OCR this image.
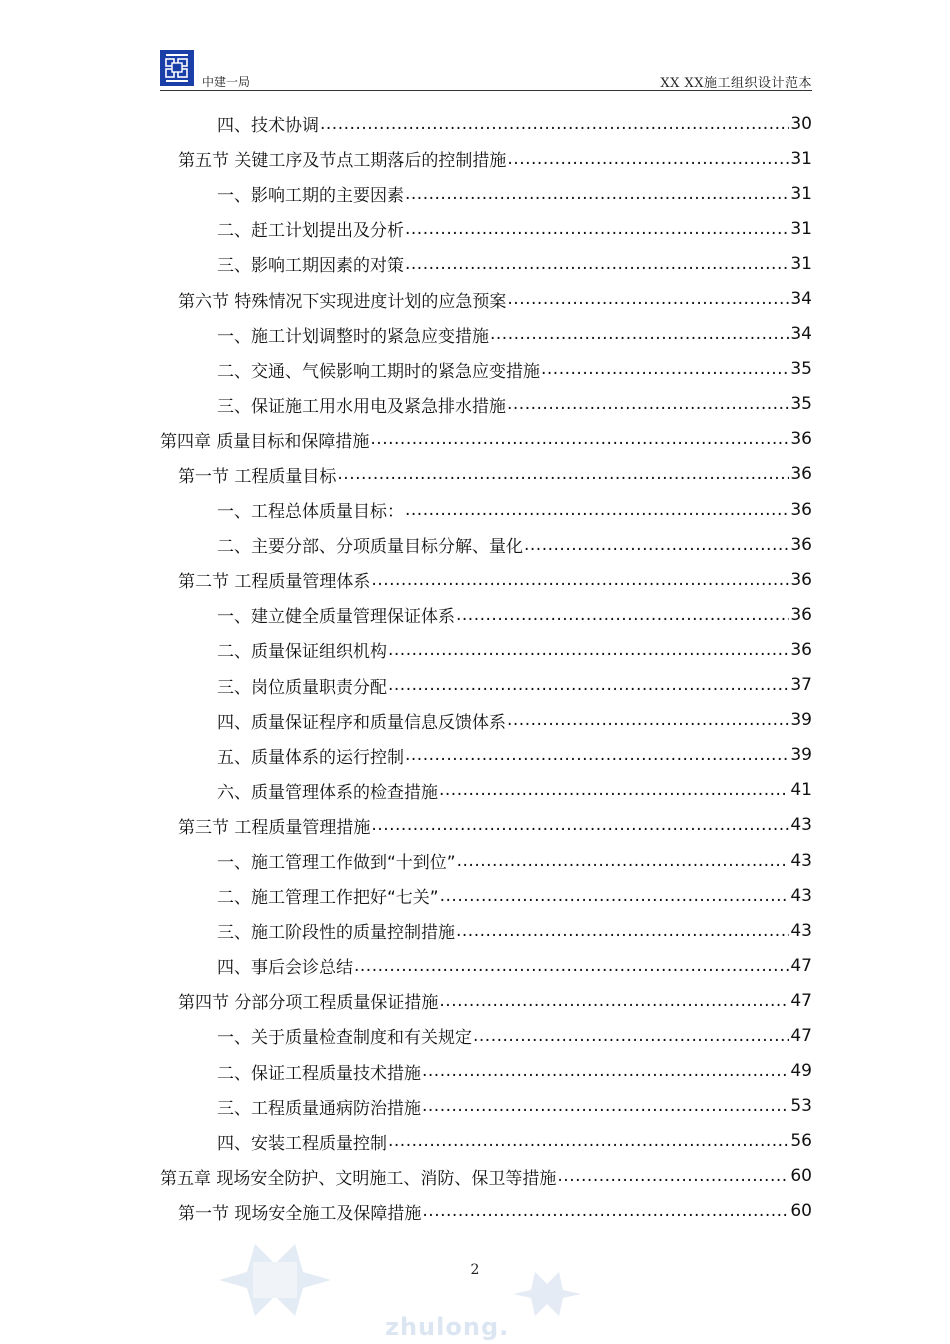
中建一局	XX XX施工组织设计范本
四、技术协调 .....	30
第五节 关键工序及节点工期落后的控制措施 .....	31
一、影响工期的主要因素 .....	31
二、赶工计划提出及分析 .....	31
三、影响工期因素的对策 .....	31
第六节 特殊情况下实现进度计划的应急预案 .....	34
一、施工计划调整时的紧急应变措施 .....	34
二、交通、气候影响工期时的紧急应变措施 .....	35
三、保证施工用水用电及紧急排水措施 .....	35
第四章 质量目标和保障措施 .....	36
第一节 工程质量目标 .....	36
一、工程总体质量目标： .....	36
二、主要分部、分项质量目标分解、量化 .....	36
第二节 工程质量管理体系 .....	36
一、建立健全质量管理保证体系 .....	36
二、质量保证组织机构 .....	36
三、岗位质量职责分配 .....	37
四、质量保证程序和质量信息反馈体系 .....	39
五、质量体系的运行控制 .....	39
六、质量管理体系的检查措施 .....	41
第三节 工程质量管理措施 .....	43
一、施工管理工作做到“十到位” .....	43
二、施工管理工作把好“七关” .....	43
三、施工阶段性的质量控制措施 .....	43
四、事后会诊总结 .....	47
第四节 分部分项工程质量保证措施 .....	47
一、关于质量检查制度和有关规定 .....	47
二、保证工程质量技术措施 .....	49
三、工程质量通病防治措施 .....	53
四、安装工程质量控制 .....	56
第五章 现场安全防护、文明施工、消防、保卫等措施 .....	60
第一节 现场安全施工及保障措施 .....	60
zhulong.
2
